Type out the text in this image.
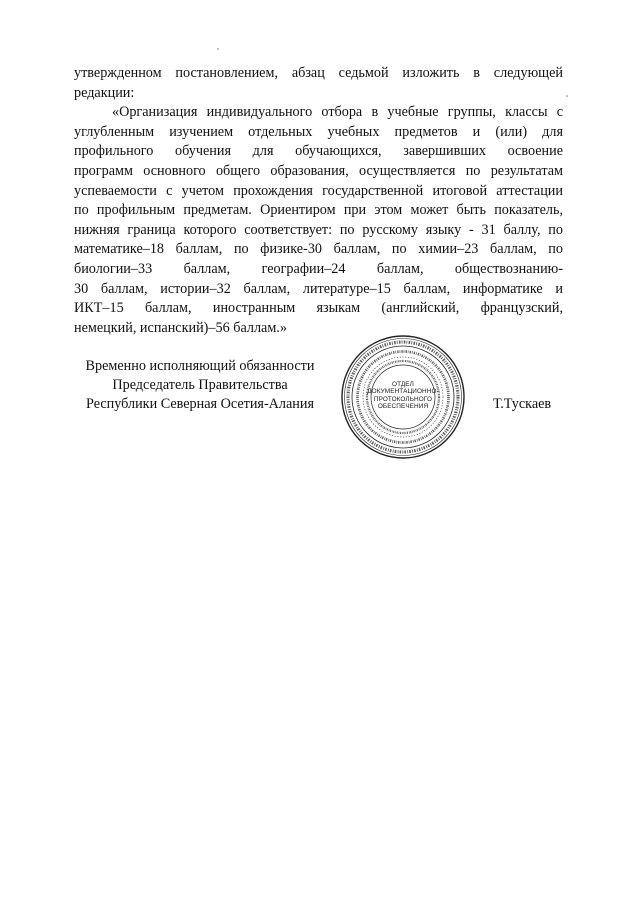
утвержденном постановлением, абзац седьмой изложить в следующей
редакции:
«Организация индивидуального отбора в учебные группы, классы с
углубленным изучением отдельных учебных предметов и (или) для
профильного обучения для обучающихся, завершивших освоение
программ основного общего образования, осуществляется по результатам
успеваемости с учетом прохождения государственной итоговой аттестации
по профильным предметам. Ориентиром при этом может быть показатель,
нижняя граница которого соответствует: по русскому языку - 31 баллу, по
математике–18 баллам, по физике-30 баллам, по химии–23 баллам, по
биологии–33 баллам, географии–24 баллам, обществознанию-
30 баллам, истории–32 баллам, литературе–15 баллам, информатике и
ИКТ–15 баллам, иностранным языкам (английский, французский,
немецкий, испанский)–56 баллам.»
Временно исполняющий обязанности
Председатель Правительства
Республики Северная Осетия-Алания
ОТДЕЛ
ДОКУМЕНТАЦИОННО-
ПРОТОКОЛЬНОГО
ОБЕСПЕЧЕНИЯ	Т.Тускаев
